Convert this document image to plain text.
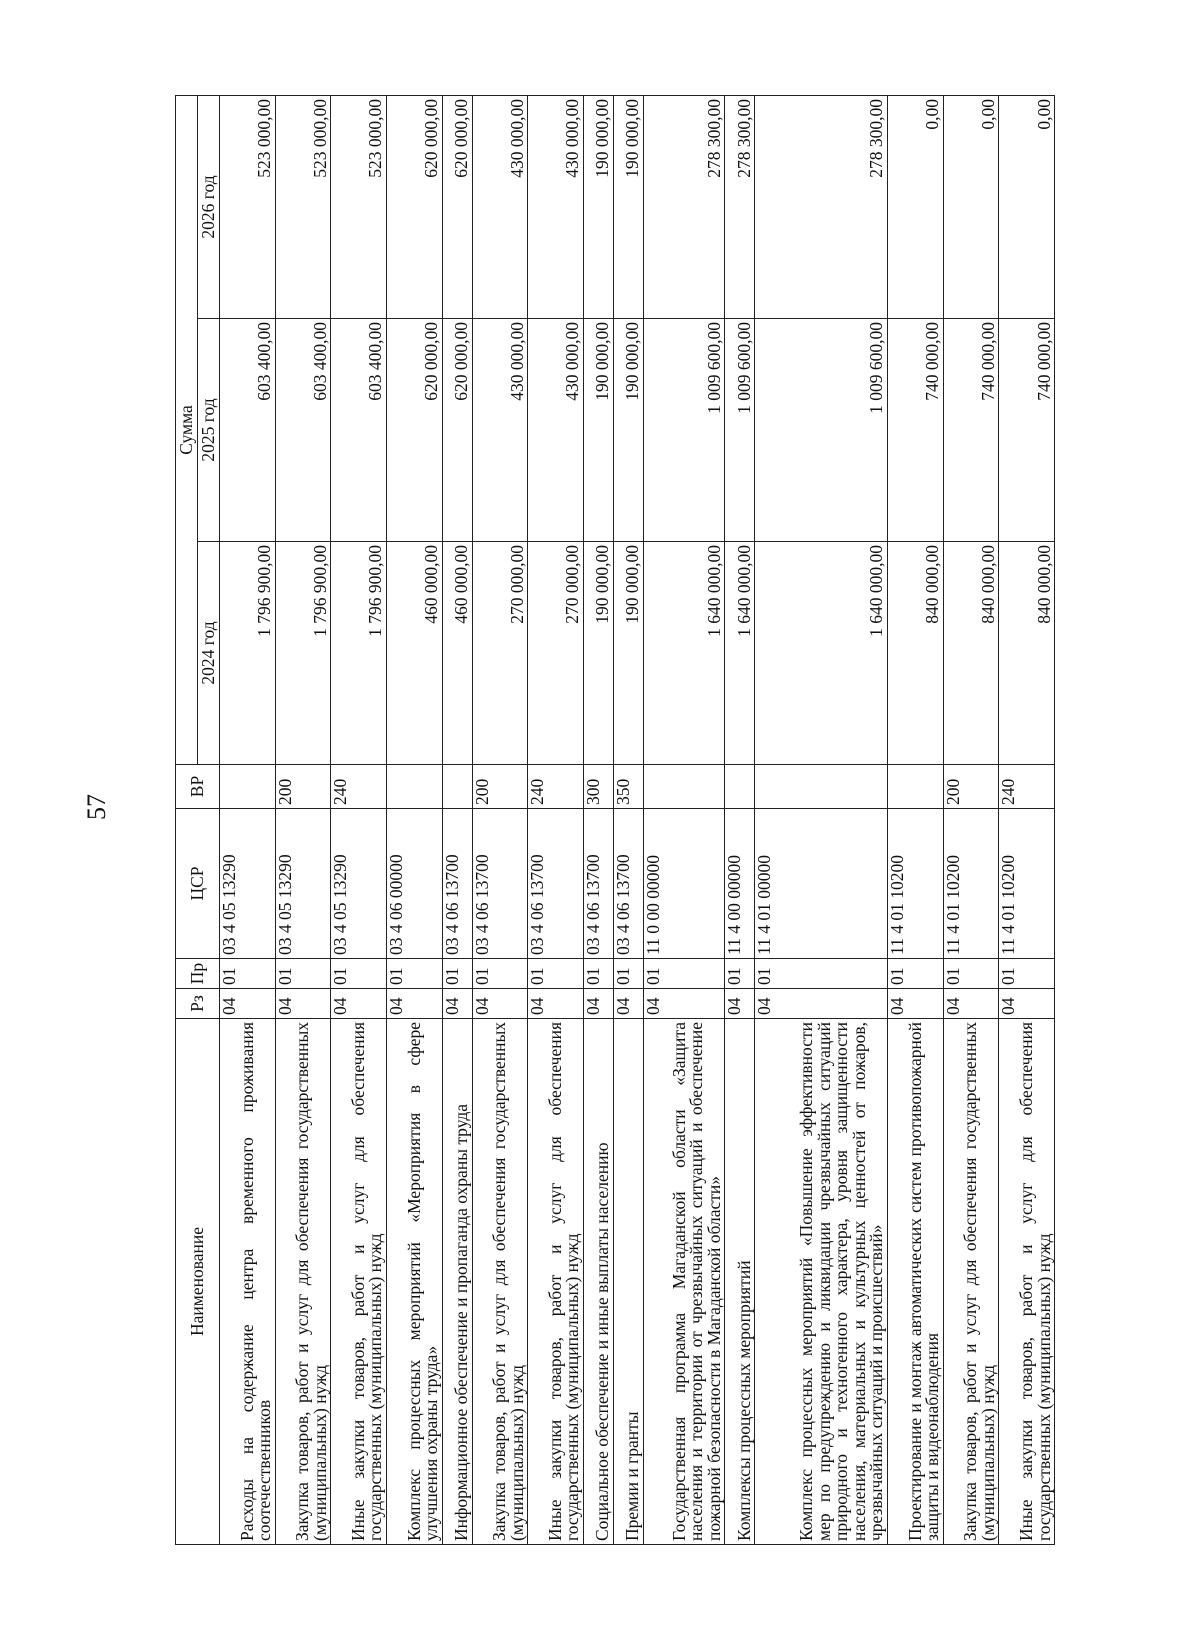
57
Наименование	Рз	Пр	ЦСР	ВР	Сумма		
					2024 год	2025 год	2026 год
Расходы на содержание центра временного проживания соотечественников	04	01	03 4 05 13290		1 796 900,00	603 400,00	523 000,00
Закупка товаров, работ и услуг для обеспечения государственных (муниципальных) нужд	04	01	03 4 05 13290	200	1 796 900,00	603 400,00	523 000,00
Иные закупки товаров, работ и услуг для обеспечения государственных (муниципальных) нужд	04	01	03 4 05 13290	240	1 796 900,00	603 400,00	523 000,00
Комплекс процессных мероприятий «Мероприятия в сфере улучшения охраны труда»	04	01	03 4 06 00000		460 000,00	620 000,00	620 000,00
Информационное обеспечение и пропаганда охраны труда	04	01	03 4 06 13700		460 000,00	620 000,00	620 000,00
Закупка товаров, работ и услуг для обеспечения государственных (муниципальных) нужд	04	01	03 4 06 13700	200	270 000,00	430 000,00	430 000,00
Иные закупки товаров, работ и услуг для обеспечения государственных (муниципальных) нужд	04	01	03 4 06 13700	240	270 000,00	430 000,00	430 000,00
Социальное обеспечение и иные выплаты населению	04	01	03 4 06 13700	300	190 000,00	190 000,00	190 000,00
Премии и гранты	04	01	03 4 06 13700	350	190 000,00	190 000,00	190 000,00
Государственная программа Магаданской области «Защита населения и территории от чрезвычайных ситуаций и обеспечение пожарной безопасности в Магаданской области»	04	01	11 0 00 00000		1 640 000,00	1 009 600,00	278 300,00
Комплексы процессных мероприятий	04	01	11 4 00 00000		1 640 000,00	1 009 600,00	278 300,00
Комплекс процессных мероприятий «Повышение эффективности мер по предупреждению и ликвидации чрезвычайных ситуаций природного и техногенного характера, уровня защищенности населения, материальных и культурных ценностей от пожаров, чрезвычайных ситуаций и происшествий»	04	01	11 4 01 00000		1 640 000,00	1 009 600,00	278 300,00
Проектирование и монтаж автоматических систем противопожарной защиты и видеонаблюдения	04	01	11 4 01 10200		840 000,00	740 000,00	0,00
Закупка товаров, работ и услуг для обеспечения государственных (муниципальных) нужд	04	01	11 4 01 10200	200	840 000,00	740 000,00	0,00
Иные закупки товаров, работ и услуг для обеспечения государственных (муниципальных) нужд	04	01	11 4 01 10200	240	840 000,00	740 000,00	0,00
